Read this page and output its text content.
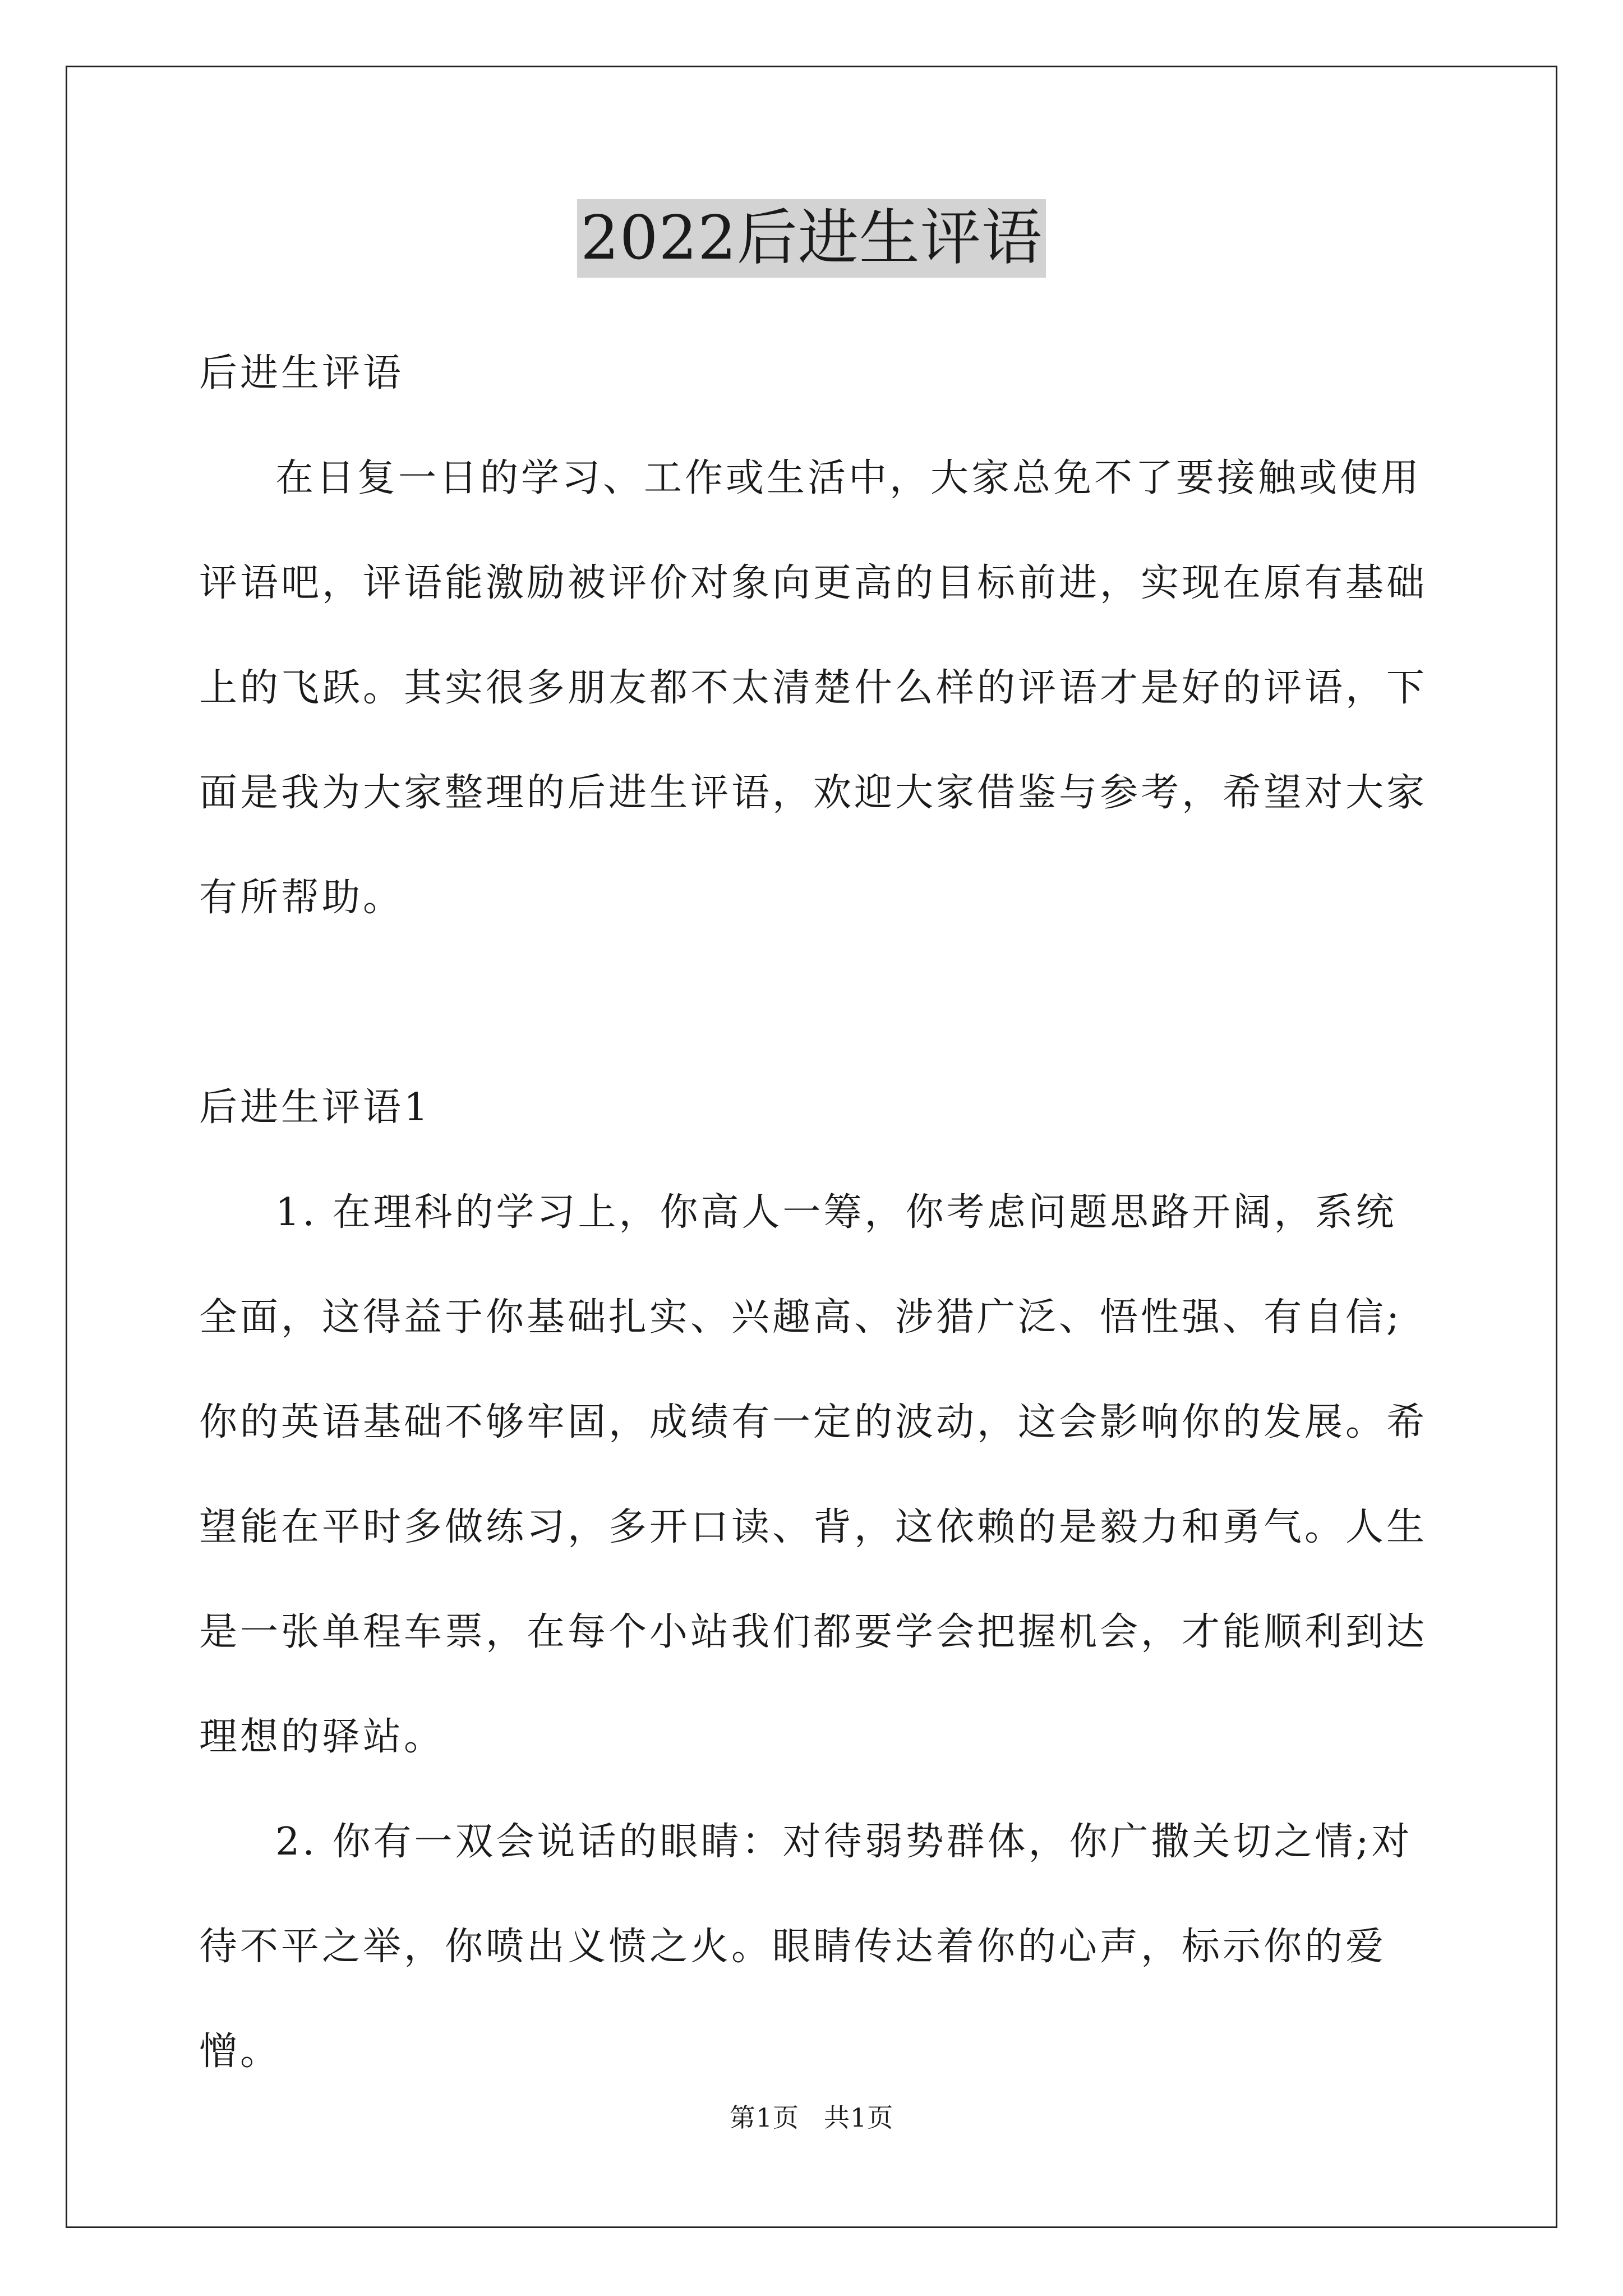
2022后进生评语

后进生评语

在日复一日的学习、工作或生活中，大家总免不了要接触或使用评语吧，评语能激励被评价对象向更高的目标前进，实现在原有基础上的飞跃。其实很多朋友都不太清楚什么样的评语才是好的评语，下面是我为大家整理的后进生评语，欢迎大家借鉴与参考，希望对大家有所帮助。

后进生评语1

1. 在理科的学习上，你高人一筹，你考虑问题思路开阔，系统全面，这得益于你基础扎实、兴趣高、涉猎广泛、悟性强、有自信;你的英语基础不够牢固，成绩有一定的波动，这会影响你的发展。希望能在平时多做练习，多开口读、背，这依赖的是毅力和勇气。人生是一张单程车票，在每个小站我们都要学会把握机会，才能顺利到达理想的驿站。

2. 你有一双会说话的眼睛：对待弱势群体，你广撒关切之情;对待不平之举，你喷出义愤之火。眼睛传达着你的心声，标示你的爱憎。

第1页 共1页
